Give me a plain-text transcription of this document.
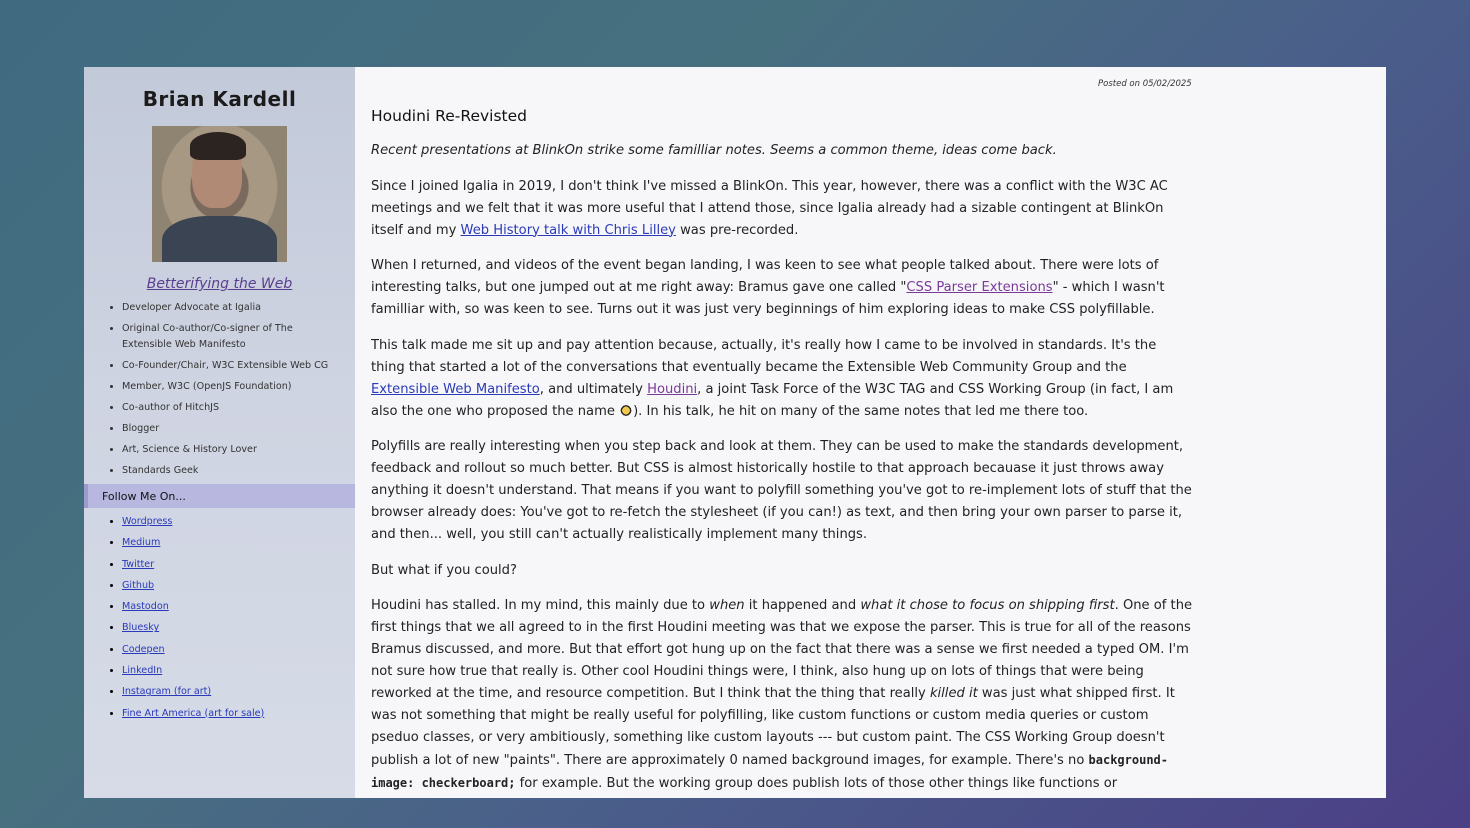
Brian Kardell
Betterifying the Web
• Developer Advocate at Igalia
• Original Co-author/Co-signer of The Extensible Web Manifesto
• Co-Founder/Chair, W3C Extensible Web CG
• Member, W3C (OpenJS Foundation)
• Co-author of HitchJS
• Blogger
• Art, Science & History Lover
• Standards Geek
Follow Me On...
• Wordpress
• Medium
• Twitter
• Github
• Mastodon
• Bluesky
• Codepen
• LinkedIn
• Instagram (for art)
• Fine Art America (art for sale)
Posted on 05/02/2025
Houdini Re-Revisted

Recent presentations at BlinkOn strike some familliar notes. Seems a common theme, ideas come back.

Since I joined Igalia in 2019, I don't think I've missed a BlinkOn. This year, however, there was a conflict with the W3C AC meetings and we felt that it was more useful that I attend those, since Igalia already had a sizable contingent at BlinkOn itself and my Web History talk with Chris Lilley was pre-recorded.

When I returned, and videos of the event began landing, I was keen to see what people talked about. There were lots of interesting talks, but one jumped out at me right away: Bramus gave one called "CSS Parser Extensions" - which I wasn't familliar with, so was keen to see. Turns out it was just very beginnings of him exploring ideas to make CSS polyfillable.

This talk made me sit up and pay attention because, actually, it's really how I came to be involved in standards. It's the thing that started a lot of the conversations that eventually became the Extensible Web Community Group and the Extensible Web Manifesto, and ultimately Houdini, a joint Task Force of the W3C TAG and CSS Working Group (in fact, I am also the one who proposed the name ). In his talk, he hit on many of the same notes that led me there too.

Polyfills are really interesting when you step back and look at them. They can be used to make the standards development, feedback and rollout so much better. But CSS is almost historically hostile to that approach becauase it just throws away anything it doesn't understand. That means if you want to polyfill something you've got to re-implement lots of stuff that the browser already does: You've got to re-fetch the stylesheet (if you can!) as text, and then bring your own parser to parse it, and then... well, you still can't actually realistically implement many things.

But what if you could?

Houdini has stalled. In my mind, this mainly due to when it happened and what it chose to focus on shipping first. One of the first things that we all agreed to in the first Houdini meeting was that we expose the parser. This is true for all of the reasons Bramus discussed, and more. But that effort got hung up on the fact that there was a sense we first needed a typed OM. I'm not sure how true that really is. Other cool Houdini things were, I think, also hung up on lots of things that were being reworked at the time, and resource competition. But I think that the thing that really killed it was just what shipped first. It was not something that might be really useful for polyfilling, like custom functions or custom media queries or custom pseduo classes, or very ambitiously, something like custom layouts --- but custom paint. The CSS Working Group doesn't publish a lot of new "paints". There are approximately 0 named background images, for example. There's no background-image: checkerboard; for example. But the working group does publish lots of those other things like functions or
